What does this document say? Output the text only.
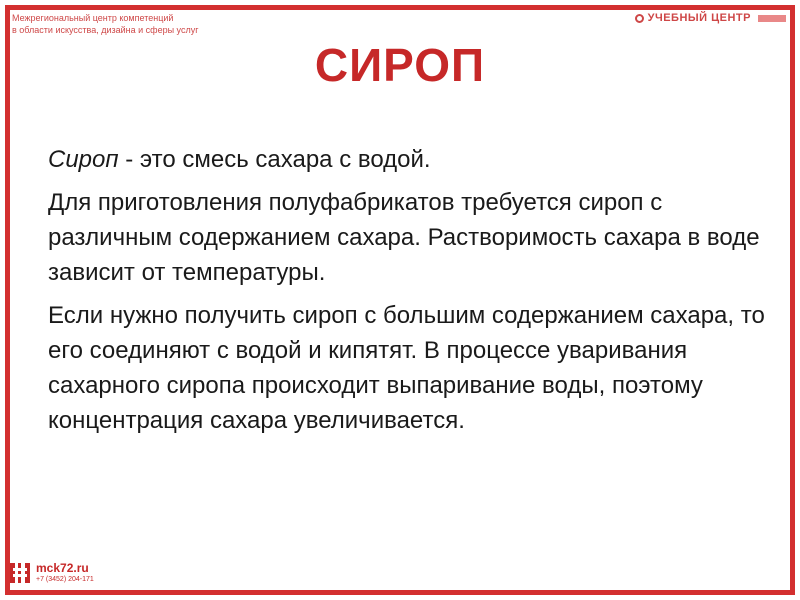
Межрегиональный центр компетенций
в области искусства, дизайна и сферы услуг
УЧЕБНЫЙ ЦЕНТР
СИРОП

Сироп - это смесь сахара с водой.

Для приготовления полуфабрикатов требуется сироп с различным содержанием сахара. Растворимость сахара в воде зависит от температуры.

Если нужно получить сироп с большим содержанием сахара, то его соединяют с водой и кипятят. В процессе уваривания сахарного сиропа происходит выпаривание воды, поэтому концентрация сахара увеличивается.

mck72.ru
+7 (3452) 204-171
